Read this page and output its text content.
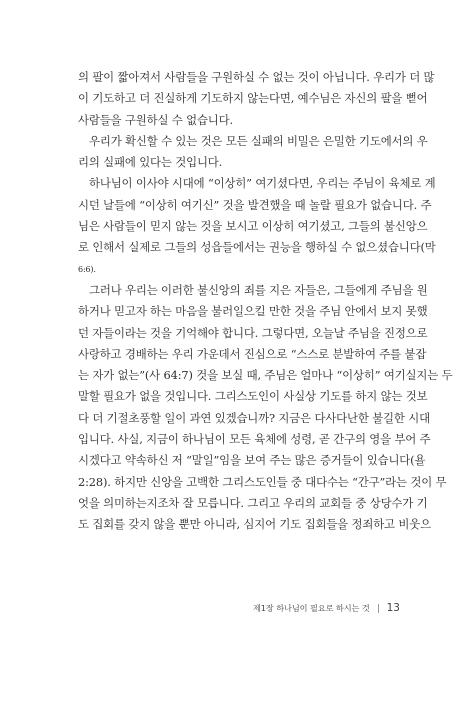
의 팔이 짧아져서 사람들을 구원하실 수 없는 것이 아닙니다. 우리가 더 많
이 기도하고 더 진실하게 기도하지 않는다면, 예수님은 자신의 팔을 뻗어
사람들을 구원하실 수 없습니다.
우리가 확신할 수 있는 것은 모든 실패의 비밀은 은밀한 기도에서의 우
리의 실패에 있다는 것입니다.
하나님이 이사야 시대에 “이상히” 여기셨다면, 우리는 주님이 육체로 계
시던 날들에 “이상히 여기신” 것을 발견했을 때 놀랄 필요가 없습니다. 주
님은 사람들이 믿지 않는 것을 보시고 이상히 여기셨고, 그들의 불신앙으
로 인해서 실제로 그들의 성읍들에서는 권능을 행하실 수 없으셨습니다(막
6:6).
그러나 우리는 이러한 불신앙의 죄를 지은 자들은, 그들에게 주님을 원
하거나 믿고자 하는 마음을 불러일으킬 만한 것을 주님 안에서 보지 못했
던 자들이라는 것을 기억해야 합니다. 그렇다면, 오늘날 주님을 진정으로
사랑하고 경배하는 우리 가운데서 진심으로 “스스로 분발하여 주를 붙잡
는 자가 없는”(사 64:7) 것을 보실 때, 주님은 얼마나 “이상히” 여기실지는 두
말할 필요가 없을 것입니다. 그리스도인이 사실상 기도를 하지 않는 것보
다 더 기절초풍할 일이 과연 있겠습니까? 지금은 다사다난한 불길한 시대
입니다. 사실, 지금이 하나님이 모든 육체에 성령, 곧 간구의 영을 부어 주
시겠다고 약속하신 저 “말일”임을 보여 주는 많은 증거들이 있습니다(욜
2:28). 하지만 신앙을 고백한 그리스도인들 중 대다수는 “간구”라는 것이 무
엇을 의미하는지조차 잘 모릅니다. 그리고 우리의 교회들 중 상당수가 기
도 집회를 갖지 않을 뿐만 아니라, 심지어 기도 집회들을 정죄하고 비웃으
제1장 하나님이 필요로 하시는 것 13
